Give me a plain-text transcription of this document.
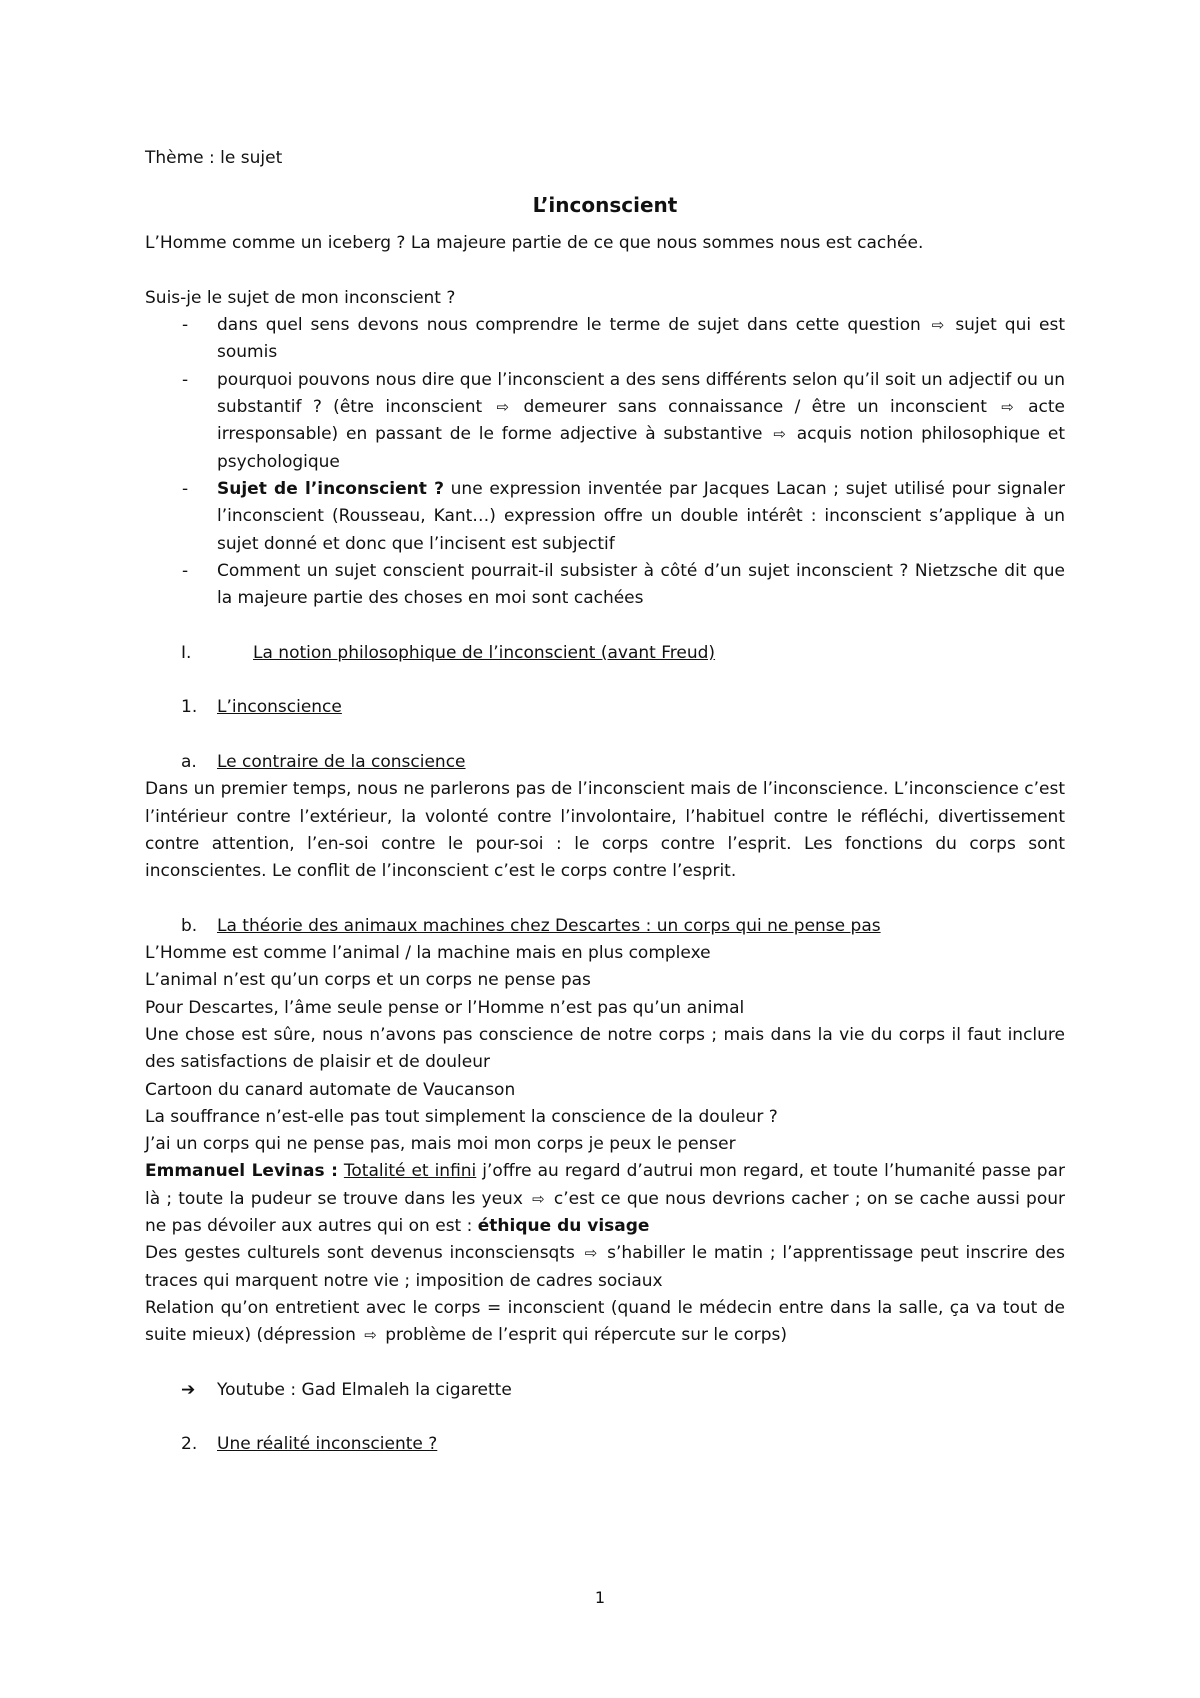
Thème : le sujet

L’inconscient

L’Homme comme un iceberg ? La majeure partie de ce que nous sommes nous est cachée.

Suis-je le sujet de mon inconscient ?

- dans quel sens devons nous comprendre le terme de sujet dans cette question ⇨ sujet qui est soumis
- pourquoi pouvons nous dire que l’inconscient a des sens différents selon qu’il soit un adjectif ou un substantif ? (être inconscient ⇨ demeurer sans connaissance / être un inconscient ⇨ acte irresponsable) en passant de le forme adjective à substantive ⇨ acquis notion philosophique et psychologique
- Sujet de l’inconscient ? une expression inventée par Jacques Lacan ; sujet utilisé pour signaler l’inconscient (Rousseau, Kant…) expression offre un double intérêt : inconscient s’applique à un sujet donné et donc que l’incisent est subjectif
- Comment un sujet conscient pourrait-il subsister à côté d’un sujet inconscient ? Nietzsche dit que la majeure partie des choses en moi sont cachées
I.	La notion philosophique de l’inconscient (avant Freud)
1.	L’inconscience
a.	Le contraire de la conscience

Dans un premier temps, nous ne parlerons pas de l’inconscient mais de l’inconscience. L’inconscience c’est l’intérieur contre l’extérieur, la volonté contre l’involontaire, l’habituel contre le réfléchi, divertissement contre attention, l’en-soi contre le pour-soi : le corps contre l’esprit. Les fonctions du corps sont inconscientes. Le conflit de l’inconscient c’est le corps contre l’esprit.

b.	La théorie des animaux machines chez Descartes : un corps qui ne pense pas

L’Homme est comme l’animal / la machine mais en plus complexe

L’animal n’est qu’un corps et un corps ne pense pas

Pour Descartes, l’âme seule pense or l’Homme n’est pas qu’un animal

Une chose est sûre, nous n’avons pas conscience de notre corps ; mais dans la vie du corps il faut inclure des satisfactions de plaisir et de douleur

Cartoon du canard automate de Vaucanson

La souffrance n’est-elle pas tout simplement la conscience de la douleur ?

J’ai un corps qui ne pense pas, mais moi mon corps je peux le penser

Emmanuel Levinas : Totalité et infini j’offre au regard d’autrui mon regard, et toute l’humanité passe par là ; toute la pudeur se trouve dans les yeux ⇨ c’est ce que nous devrions cacher ; on se cache aussi pour ne pas dévoiler aux autres qui on est : éthique du visage

Des gestes culturels sont devenus inconsciensqts ⇨ s’habiller le matin ; l’apprentissage peut inscrire des traces qui marquent notre vie ; imposition de cadres sociaux

Relation qu’on entretient avec le corps = inconscient (quand le médecin entre dans la salle, ça va tout de suite mieux) (dépression ⇨ problème de l’esprit qui répercute sur le corps)

➔	Youtube : Gad Elmaleh la cigarette
2.	Une réalité inconsciente ?
1
